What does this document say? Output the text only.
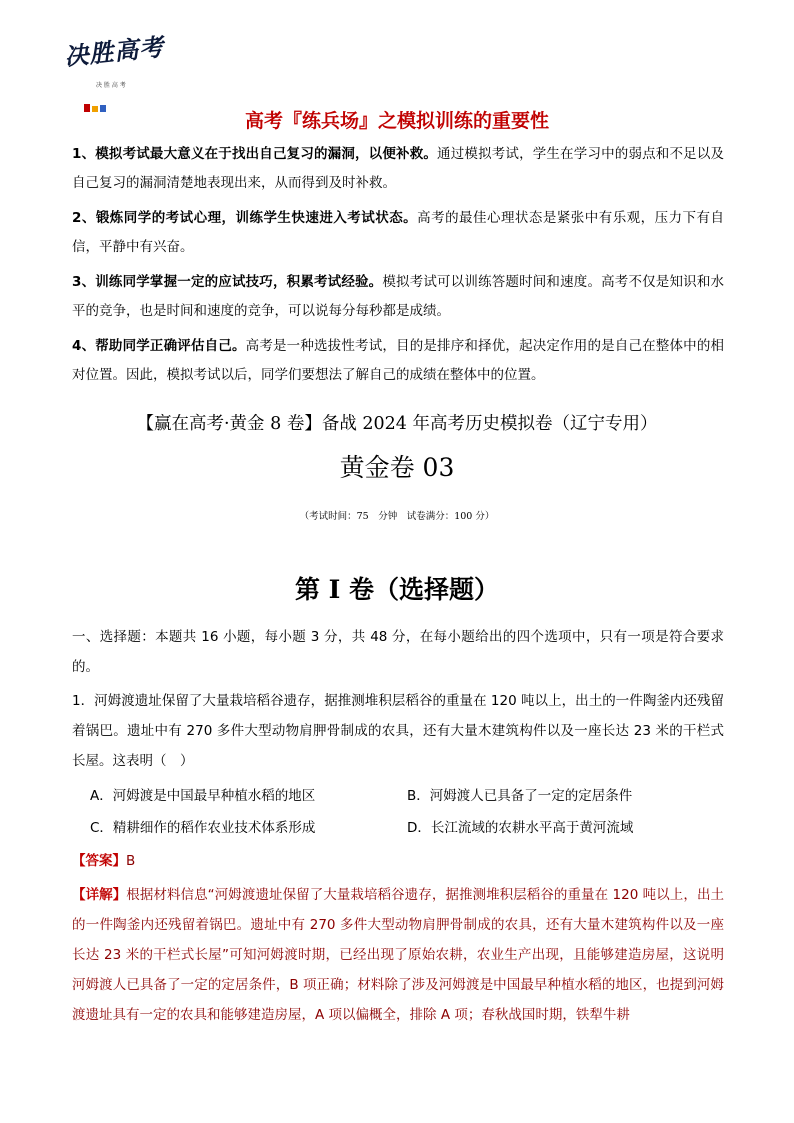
决胜高考
决 胜 高 考
高考『练兵场』之模拟训练的重要性

1、模拟考试最大意义在于找出自己复习的漏洞，以便补救。通过模拟考试，学生在学习中的弱点和不足以及自己复习的漏洞清楚地表现出来，从而得到及时补救。

2、锻炼同学的考试心理，训练学生快速进入考试状态。高考的最佳心理状态是紧张中有乐观，压力下有自信，平静中有兴奋。

3、训练同学掌握一定的应试技巧，积累考试经验。模拟考试可以训练答题时间和速度。高考不仅是知识和水平的竞争，也是时间和速度的竞争，可以说每分每秒都是成绩。

4、帮助同学正确评估自己。高考是一种选拔性考试，目的是排序和择优，起决定作用的是自己在整体中的相对位置。因此，模拟考试以后，同学们要想法了解自己的成绩在整体中的位置。

【赢在高考·黄金 8 卷】备战 2024 年高考历史模拟卷（辽宁专用）
黄金卷 03
（考试时间：75　分钟　试卷满分：100 分）
第 I 卷（选择题）

一、选择题：本题共 16 小题，每小题 3 分，共 48 分，在每小题给出的四个选项中，只有一项是符合要求的。

1．河姆渡遗址保留了大量栽培稻谷遗存，据推测堆积层稻谷的重量在 120 吨以上，出土的一件陶釜内还残留着锅巴。遗址中有 270 多件大型动物肩胛骨制成的农具，还有大量木建筑构件以及一座长达 23 米的干栏式长屋。这表明（　）

A．河姆渡是中国最早种植水稻的地区	B．河姆渡人已具备了一定的定居条件
C．精耕细作的稻作农业技术体系形成	D．长江流域的农耕水平高于黄河流域

【答案】B

【详解】根据材料信息“河姆渡遗址保留了大量栽培稻谷遗存，据推测堆积层稻谷的重量在 120 吨以上，出土的一件陶釜内还残留着锅巴。遗址中有 270 多件大型动物肩胛骨制成的农具，还有大量木建筑构件以及一座长达 23 米的干栏式长屋”可知河姆渡时期，已经出现了原始农耕，农业生产出现，且能够建造房屋，这说明河姆渡人已具备了一定的定居条件，B 项正确；材料除了涉及河姆渡是中国最早种植水稻的地区，也提到河姆渡遗址具有一定的农具和能够建造房屋，A 项以偏概全，排除 A 项；春秋战国时期，铁犁牛耕
